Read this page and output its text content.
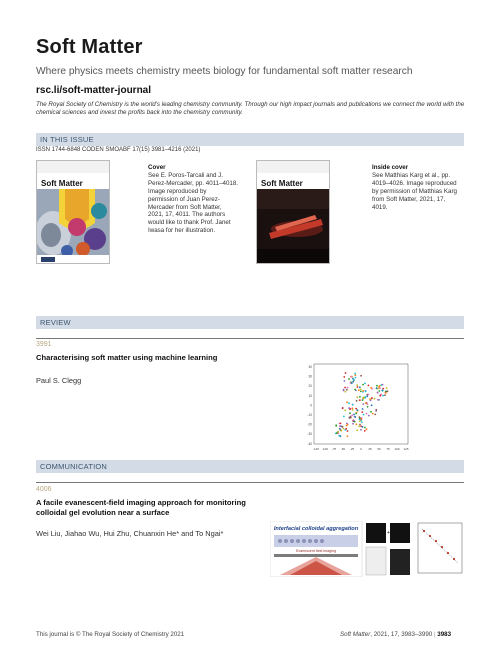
Soft Matter
Where physics meets chemistry meets biology for fundamental soft matter research
rsc.li/soft-matter-journal
The Royal Society of Chemistry is the world’s leading chemistry community. Through our high impact journals and publications we connect the world with the chemical sciences and invest the profits back into the chemistry community.
IN THIS ISSUE
ISSN 1744-6848 CODEN SMOABF 17(15) 3981–4216 (2021)
Soft Matter
Cover
See E. Poros-Tarcali and J. Perez-Mercader, pp. 4011–4018. Image reproduced by permission of Juan Perez-Mercader from Soft Matter, 2021, 17, 4011. The authors would like to thank Prof. Janet Iwasa for her illustration.
Soft Matter
Inside cover
See Matthias Karg et al., pp. 4019–4026. Image reproduced by permission of Matthias Karg from Soft Matter, 2021, 17, 4019.
REVIEW
3991
Characterising soft matter using machine learning
Paul S. Clegg
40
30
20
10
0
-10
-20
-30
-40
-125 -100 -75 -50 -25 0 25 50 75 100 125
COMMUNICATION
4006
A facile evanescent-field imaging approach for monitoring colloidal gel evolution near a surface
Wei Liu, Jiahao Wu, Hui Zhu, Chuanxin He* and To Ngai*	Interfacial colloidal aggregation
Evanescent field imaging
+
This journal is © The Royal Society of Chemistry 2021	Soft Matter, 2021, 17, 3983–3990 | 3983
